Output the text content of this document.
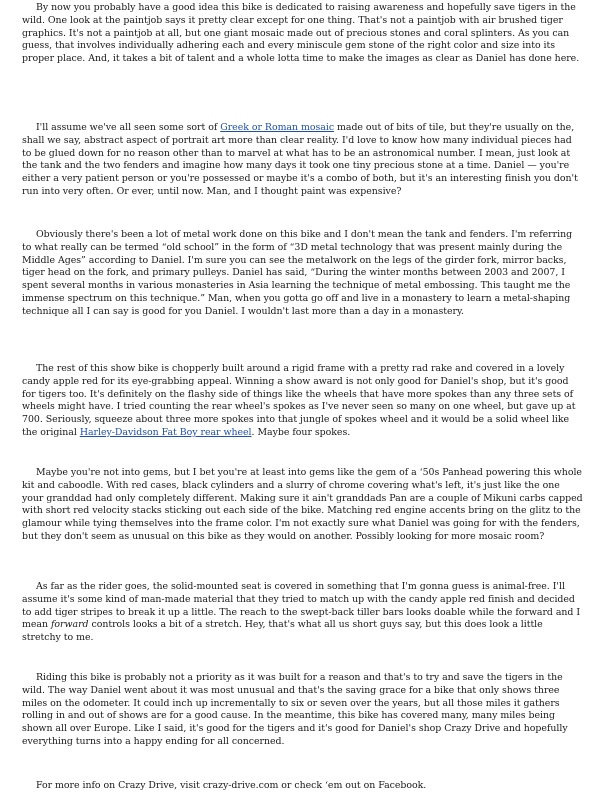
By now you probably have a good idea this bike is dedicated to raising awareness and hopefully save tigers in the wild. One look at the paintjob says it pretty clear except for one thing. That's not a paintjob with air brushed tiger graphics. It's not a paintjob at all, but one giant mosaic made out of precious stones and coral splinters. As you can guess, that involves individually adhering each and every miniscule gem stone of the right color and size into its proper place. And, it takes a bit of talent and a whole lotta time to make the images as clear as Daniel has done here.

I'll assume we've all seen some sort of Greek or Roman mosaic made out of bits of tile, but they're usually on the, shall we say, abstract aspect of portrait art more than clear reality. I'd love to know how many individual pieces had to be glued down for no reason other than to marvel at what has to be an astronomical number. I mean, just look at the tank and the two fenders and imagine how many days it took one tiny precious stone at a time. Daniel — you're either a very patient person or you're possessed or maybe it's a combo of both, but it's an interesting finish you don't run into very often. Or ever, until now. Man, and I thought paint was expensive?

Obviously there's been a lot of metal work done on this bike and I don't mean the tank and fenders. I'm referring to what really can be termed “old school” in the form of “3D metal technology that was present mainly during the Middle Ages” according to Daniel. I'm sure you can see the metalwork on the legs of the girder fork, mirror backs, tiger head on the fork, and primary pulleys. Daniel has said, “During the winter months between 2003 and 2007, I spent several months in various monasteries in Asia learning the technique of metal embossing. This taught me the immense spectrum on this technique.” Man, when you gotta go off and live in a monastery to learn a metal-shaping technique all I can say is good for you Daniel. I wouldn't last more than a day in a monastery.

The rest of this show bike is chopperly built around a rigid frame with a pretty rad rake and covered in a lovely candy apple red for its eye-grabbing appeal. Winning a show award is not only good for Daniel's shop, but it's good for tigers too. It's definitely on the flashy side of things like the wheels that have more spokes than any three sets of wheels might have. I tried counting the rear wheel's spokes as I've never seen so many on one wheel, but gave up at 700. Seriously, squeeze about three more spokes into that jungle of spokes wheel and it would be a solid wheel like the original Harley-Davidson Fat Boy rear wheel. Maybe four spokes.

Maybe you're not into gems, but I bet you're at least into gems like the gem of a ‘50s Panhead powering this whole kit and caboodle. With red cases, black cylinders and a slurry of chrome covering what's left, it's just like the one your granddad had only completely different. Making sure it ain't granddads Pan are a couple of Mikuni carbs capped with short red velocity stacks sticking out each side of the bike. Matching red engine accents bring on the glitz to the glamour while tying themselves into the frame color. I'm not exactly sure what Daniel was going for with the fenders, but they don't seem as unusual on this bike as they would on another. Possibly looking for more mosaic room?

As far as the rider goes, the solid-mounted seat is covered in something that I'm gonna guess is animal-free. I'll assume it's some kind of man-made material that they tried to match up with the candy apple red finish and decided to add tiger stripes to break it up a little. The reach to the swept-back tiller bars looks doable while the forward and I mean forward controls looks a bit of a stretch. Hey, that's what all us short guys say, but this does look a little stretchy to me.

Riding this bike is probably not a priority as it was built for a reason and that's to try and save the tigers in the wild. The way Daniel went about it was most unusual and that's the saving grace for a bike that only shows three miles on the odometer. It could inch up incrementally to six or seven over the years, but all those miles it gathers rolling in and out of shows are for a good cause. In the meantime, this bike has covered many, many miles being shown all over Europe. Like I said, it's good for the tigers and it's good for Daniel's shop Crazy Drive and hopefully everything turns into a happy ending for all concerned.

For more info on Crazy Drive, visit crazy-drive.com or check ‘em out on Facebook.
